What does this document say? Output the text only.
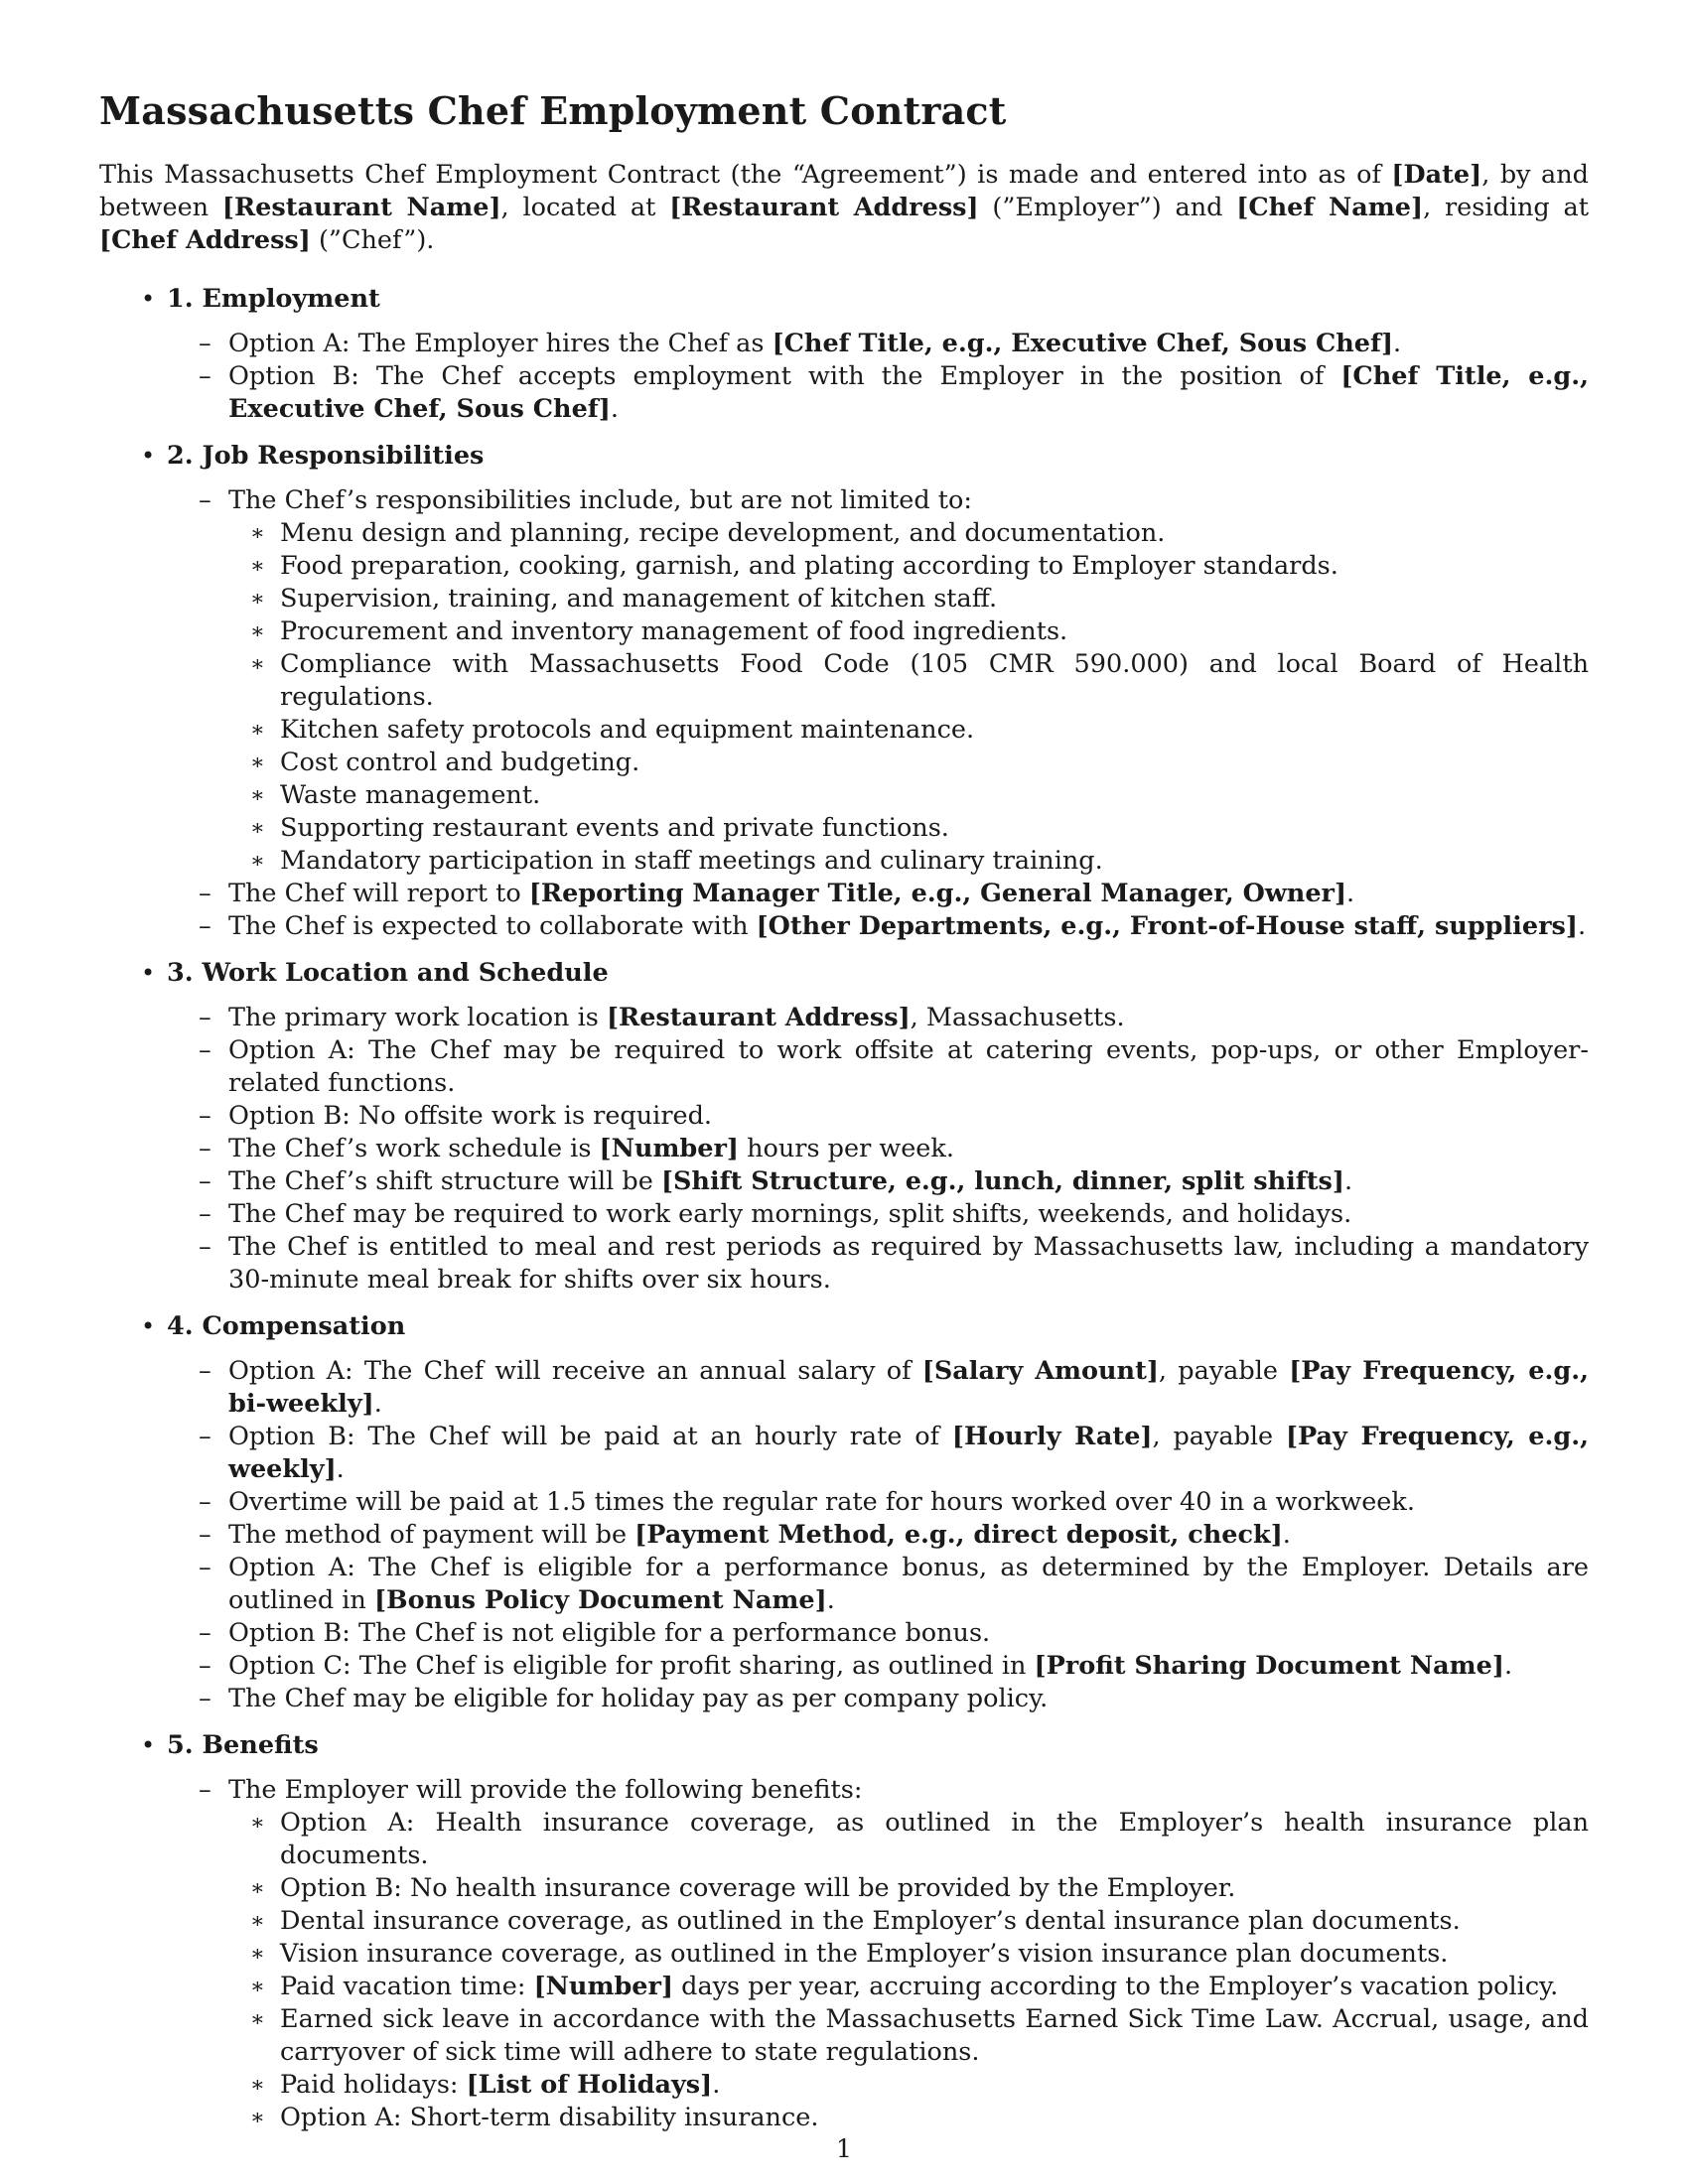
Massachusetts Chef Employment Contract

This Massachusetts Chef Employment Contract (the “Agreement”) is made and entered into as of [Date], by and between [Restaurant Name], located at [Restaurant Address] (”Employer”) and [Chef Name], residing at [Chef Address] (”Chef”).

• 1. Employment
– Option A: The Employer hires the Chef as [Chef Title, e.g., Executive Chef, Sous Chef].
– Option B: The Chef accepts employment with the Employer in the position of [Chef Title, e.g., Executive Chef, Sous Chef].
• 2. Job Responsibilities
– The Chef’s responsibilities include, but are not limited to:
∗ Menu design and planning, recipe development, and documentation.
∗ Food preparation, cooking, garnish, and plating according to Employer standards.
∗ Supervision, training, and management of kitchen staff.
∗ Procurement and inventory management of food ingredients.
∗ Compliance with Massachusetts Food Code (105 CMR 590.000) and local Board of Health regulations.
∗ Kitchen safety protocols and equipment maintenance.
∗ Cost control and budgeting.
∗ Waste management.
∗ Supporting restaurant events and private functions.
∗ Mandatory participation in staff meetings and culinary training.
– The Chef will report to [Reporting Manager Title, e.g., General Manager, Owner].
– The Chef is expected to collaborate with [Other Departments, e.g., Front-of-House staff, suppliers].
• 3. Work Location and Schedule
– The primary work location is [Restaurant Address], Massachusetts.
– Option A: The Chef may be required to work offsite at catering events, pop-ups, or other Employer-related functions.
– Option B: No offsite work is required.
– The Chef’s work schedule is [Number] hours per week.
– The Chef’s shift structure will be [Shift Structure, e.g., lunch, dinner, split shifts].
– The Chef may be required to work early mornings, split shifts, weekends, and holidays.
– The Chef is entitled to meal and rest periods as required by Massachusetts law, including a mandatory 30-minute meal break for shifts over six hours.
• 4. Compensation
– Option A: The Chef will receive an annual salary of [Salary Amount], payable [Pay Frequency, e.g., bi-weekly].
– Option B: The Chef will be paid at an hourly rate of [Hourly Rate], payable [Pay Frequency, e.g., weekly].
– Overtime will be paid at 1.5 times the regular rate for hours worked over 40 in a workweek.
– The method of payment will be [Payment Method, e.g., direct deposit, check].
– Option A: The Chef is eligible for a performance bonus, as determined by the Employer. Details are outlined in [Bonus Policy Document Name].
– Option B: The Chef is not eligible for a performance bonus.
– Option C: The Chef is eligible for profit sharing, as outlined in [Profit Sharing Document Name].
– The Chef may be eligible for holiday pay as per company policy.
• 5. Benefits
– The Employer will provide the following benefits:
∗ Option A: Health insurance coverage, as outlined in the Employer’s health insurance plan documents.
∗ Option B: No health insurance coverage will be provided by the Employer.
∗ Dental insurance coverage, as outlined in the Employer’s dental insurance plan documents.
∗ Vision insurance coverage, as outlined in the Employer’s vision insurance plan documents.
∗ Paid vacation time: [Number] days per year, accruing according to the Employer’s vacation policy.
∗ Earned sick leave in accordance with the Massachusetts Earned Sick Time Law. Accrual, usage, and carryover of sick time will adhere to state regulations.
∗ Paid holidays: [List of Holidays].
∗ Option A: Short-term disability insurance.
1
